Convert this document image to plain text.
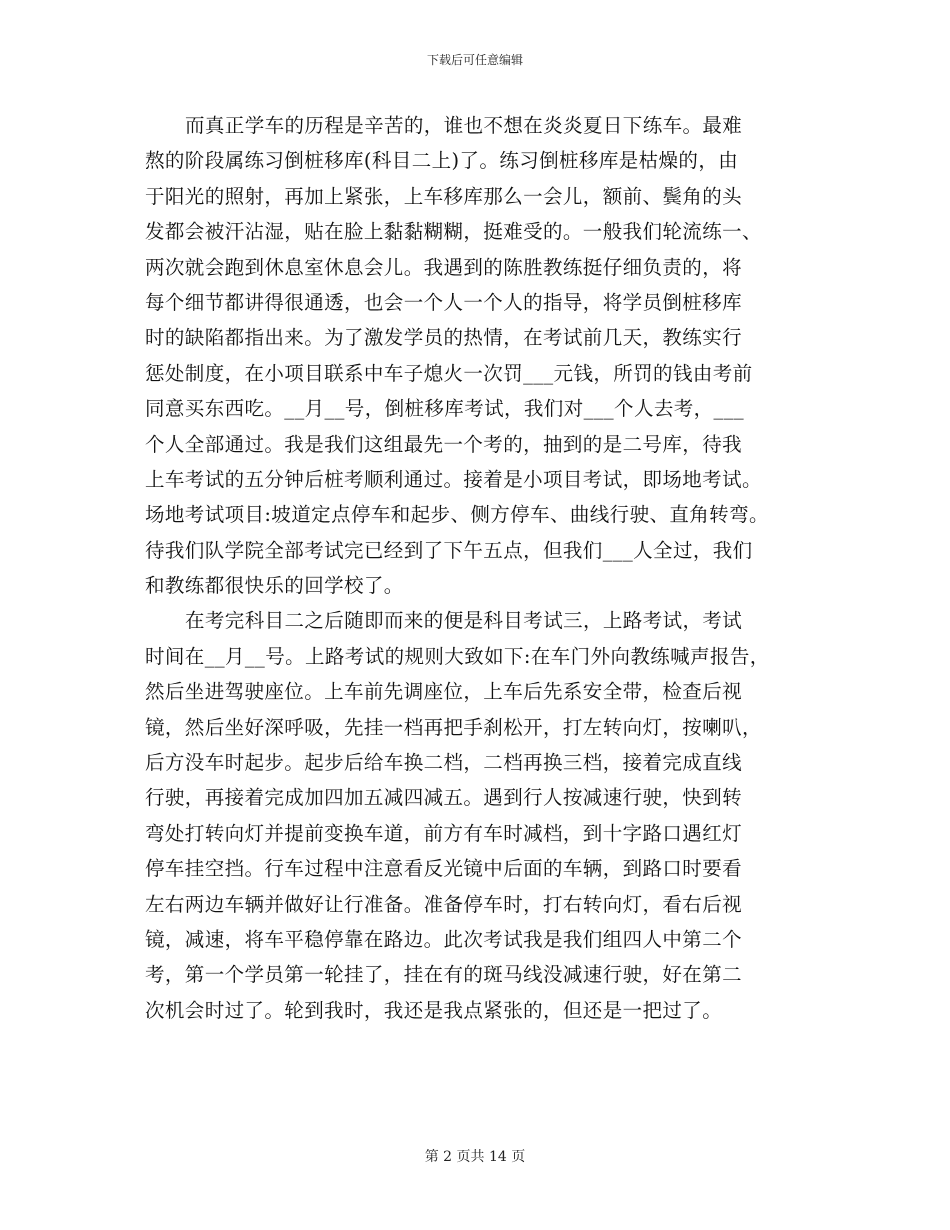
下载后可任意编辑
而真正学车的历程是辛苦的，谁也不想在炎炎夏日下练车。最难
熬的阶段属练习倒桩移库(科目二上)了。练习倒桩移库是枯燥的，由
于阳光的照射，再加上紧张，上车移库那么一会儿，额前、鬓角的头
发都会被汗沾湿，贴在脸上黏黏糊糊，挺难受的。一般我们轮流练一、
两次就会跑到休息室休息会儿。我遇到的陈胜教练挺仔细负责的，将
每个细节都讲得很通透，也会一个人一个人的指导，将学员倒桩移库
时的缺陷都指出来。为了激发学员的热情，在考试前几天，教练实行
惩处制度，在小项目联系中车子熄火一次罚___元钱，所罚的钱由考前
同意买东西吃。__月__号，倒桩移库考试，我们对___个人去考，___
个人全部通过。我是我们这组最先一个考的，抽到的是二号库，待我
上车考试的五分钟后桩考顺利通过。接着是小项目考试，即场地考试。
场地考试项目:坡道定点停车和起步、侧方停车、曲线行驶、直角转弯。
待我们队学院全部考试完已经到了下午五点，但我们___人全过，我们
和教练都很快乐的回学校了。
在考完科目二之后随即而来的便是科目考试三，上路考试，考试
时间在__月__号。上路考试的规则大致如下:在车门外向教练喊声报告，
然后坐进驾驶座位。上车前先调座位，上车后先系安全带，检查后视
镜，然后坐好深呼吸，先挂一档再把手刹松开，打左转向灯，按喇叭，
后方没车时起步。起步后给车换二档，二档再换三档，接着完成直线
行驶，再接着完成加四加五减四减五。遇到行人按减速行驶，快到转
弯处打转向灯并提前变换车道，前方有车时减档，到十字路口遇红灯
停车挂空挡。行车过程中注意看反光镜中后面的车辆，到路口时要看
左右两边车辆并做好让行准备。准备停车时，打右转向灯，看右后视
镜，减速，将车平稳停靠在路边。此次考试我是我们组四人中第二个
考，第一个学员第一轮挂了，挂在有的斑马线没减速行驶，好在第二
次机会时过了。轮到我时，我还是我点紧张的，但还是一把过了。
第 2 页共 14 页
